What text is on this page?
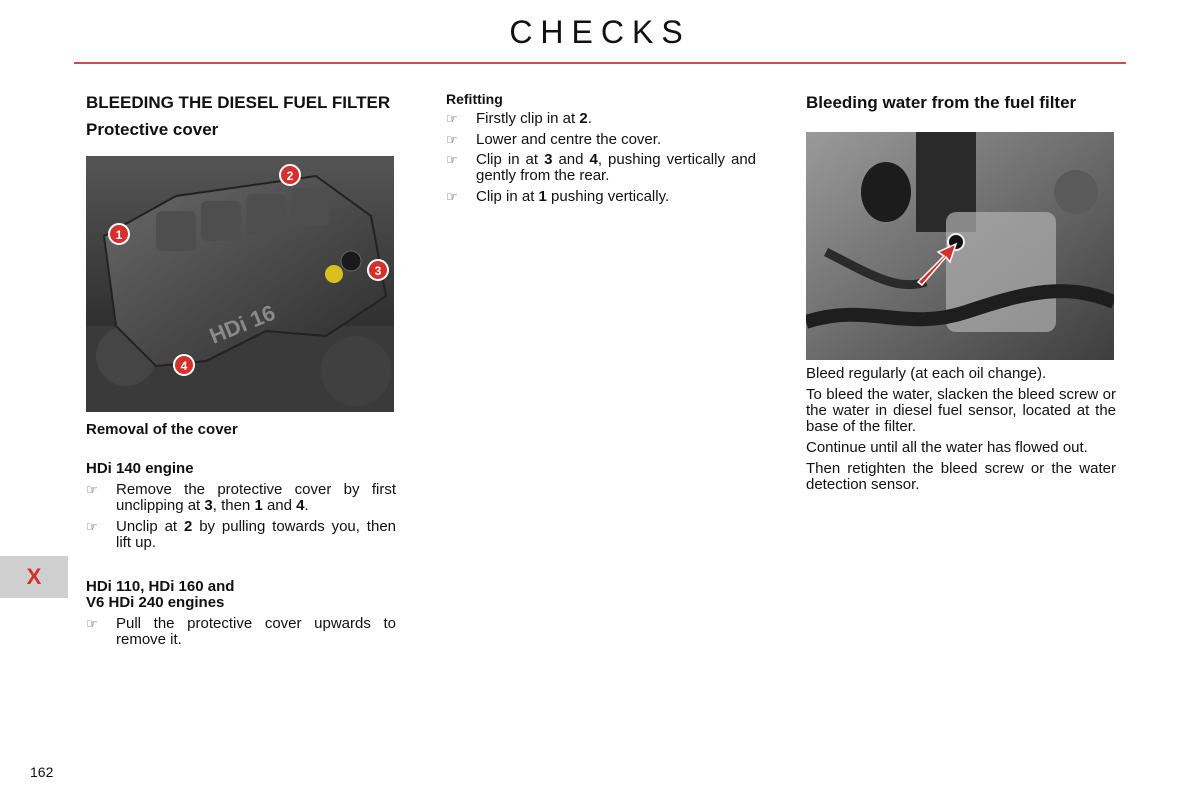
CHECKS
BLEEDING THE DIESEL FUEL FILTER
Protective cover
HDi 16
1
2
3
4
Removal of the cover
HDi 140 engine
☞ Remove the protective cover by first unclipping at 3, then 1 and 4.
☞ Unclip at 2 by pulling towards you, then lift up.
HDi 110, HDi 160 and
V6 HDi 240 engines
☞ Pull the protective cover upwards to remove it.
Refitting
☞ Firstly clip in at 2.
☞ Lower and centre the cover.
☞ Clip in at 3 and 4, pushing vertically and gently from the rear.
☞ Clip in at 1 pushing vertically.
Bleeding water from the fuel filter

Bleed regularly (at each oil change).

To bleed the water, slacken the bleed screw or the water in diesel fuel sensor, located at the base of the filter.

Continue until all the water has flowed out.

Then retighten the bleed screw or the water detection sensor.

X
162
